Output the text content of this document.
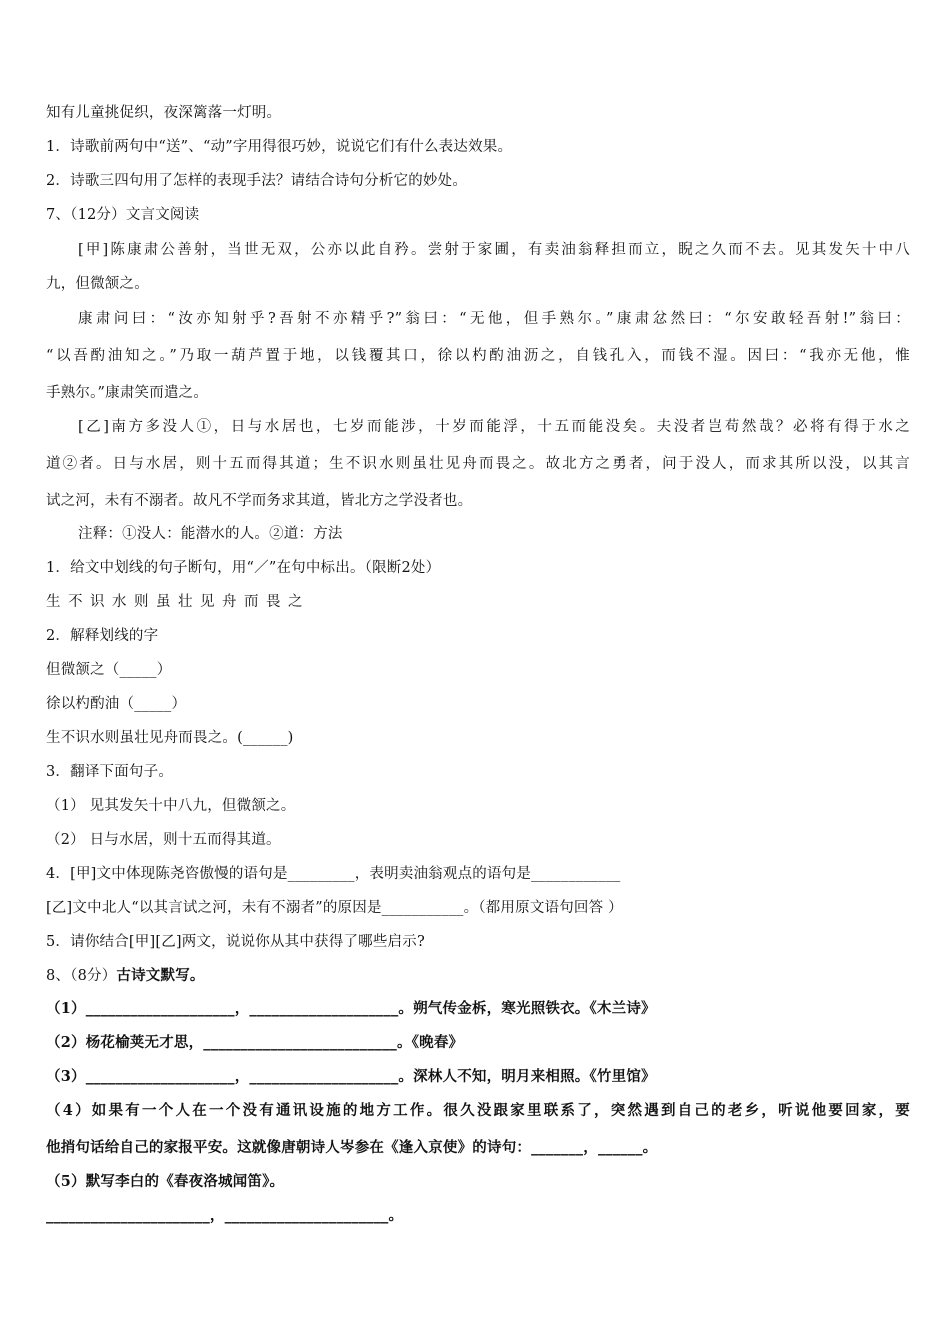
知有儿童挑促织，夜深篱落一灯明。
1．诗歌前两句中“送”、“动”字用得很巧妙，说说它们有什么表达效果。
2．诗歌三四句用了怎样的表现手法？请结合诗句分析它的妙处。
7、（12分）文言文阅读
[甲]陈康肃公善射，当世无双，公亦以此自矜。尝射于家圃，有卖油翁释担而立，睨之久而不去。见其发矢十中八
九，但微颔之。
康肃问曰：“汝亦知射乎?吾射不亦精乎?”翁曰：“无他，但手熟尔。”康肃忿然曰：“尔安敢轻吾射!”翁曰：
“以吾酌油知之。”乃取一葫芦置于地，以钱覆其口，徐以杓酌油沥之，自钱孔入，而钱不湿。因曰：“我亦无他，惟
手熟尔。”康肃笑而遣之。
[乙]南方多没人①，日与水居也，七岁而能涉，十岁而能浮，十五而能没矣。夫没者岂苟然哉？必将有得于水之
道②者。日与水居，则十五而得其道；生不识水则虽壮见舟而畏之。故北方之勇者，问于没人，而求其所以没，以其言
试之河，未有不溺者。故凡不学而务求其道，皆北方之学没者也。
注释：①没人：能潜水的人。②道：方法
1．给文中划线的句子断句，用“／”在句中标出。（限断2处）
生不识水则虽壮见舟而畏之
2．解释划线的字
但微颔之（_____）
徐以杓酌油（_____）
生不识水则虽壮见舟而畏之。(______)
3．翻译下面句子。
（1） 见其发矢十中八九，但微颔之。
（2） 日与水居，则十五而得其道。
4．[甲]文中体现陈尧咨傲慢的语句是_________，表明卖油翁观点的语句是____________
[乙]文中北人“以其言试之河，未有不溺者”的原因是___________。（都用原文语句回答 ）
5．请你结合[甲][乙]两文，说说你从其中获得了哪些启示?
8、（8分）古诗文默写。
（1）____________________，____________________。朔气传金柝，寒光照铁衣。《木兰诗》
（2）杨花榆荚无才思，__________________________。《晚春》
（3）____________________，____________________。深林人不知，明月来相照。《竹里馆》
（4）如果有一个人在一个没有通讯设施的地方工作。很久没跟家里联系了，突然遇到自己的老乡，听说他要回家，要
他捎句话给自己的家报平安。这就像唐朝诗人岑参在《逢入京使》的诗句：_______，______。
（5）默写李白的《春夜洛城闻笛》。
______________________，______________________。
